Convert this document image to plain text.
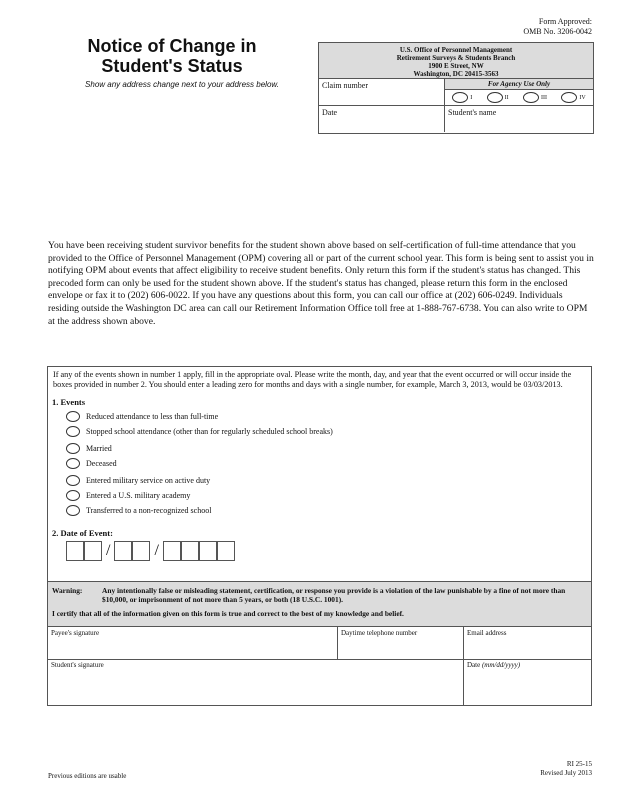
Form Approved:
OMB No. 3206-0042
Notice of Change in
Student's Status
Show any address change next to your address below.
U.S. Office of Personnel Management
Retirement Surveys & Students Branch
1900 E Street, NW
Washington, DC 20415-3563
Claim number	For Agency Use Only
I	II	III	IV
Date	Student's name
You have been receiving student survivor benefits for the student shown above based on self-certification of full-time attendance that you provided to the Office of Personnel Management (OPM) covering all or part of the current school year. This form is being sent to assist you in notifying OPM about events that affect eligibility to receive student benefits. Only return this form if the student's status has changed. This precoded form can only be used for the student shown above. If the student's status has changed, please return this form in the enclosed envelope or fax it to (202) 606-0022. If you have any questions about this form, you can call our office at (202) 606-0249. Individuals residing outside the Washington DC area can call our Retirement Information Office toll free at 1-888-767-6738. You can also write to OPM at the address shown above.
If any of the events shown in number 1 apply, fill in the appropriate oval. Please write the month, day, and year that the event occurred or will occur inside the boxes provided in number 2. You should enter a leading zero for months and days with a single number, for example, March 3, 2013, would be 03/03/2013.
1. Events
Reduced attendance to less than full-time
Stopped school attendance (other than for regularly scheduled school breaks)
Married
Deceased
Entered military service on active duty
Entered a U.S. military academy
Transferred to a non-recognized school
2. Date of Event:
/	/
Warning:	Any intentionally false or misleading statement, certification, or response you provide is a violation of the law punishable by a fine of not more than $10,000, or imprisonment of not more than 5 years, or both (18 U.S.C. 1001).
I certify that all of the information given on this form is true and correct to the best of my knowledge and belief.
Payee's signature	Daytime telephone number	Email address
Student's signature	Date (mm/dd/yyyy)
Previous editions are usable
RI 25-15
Revised July 2013
